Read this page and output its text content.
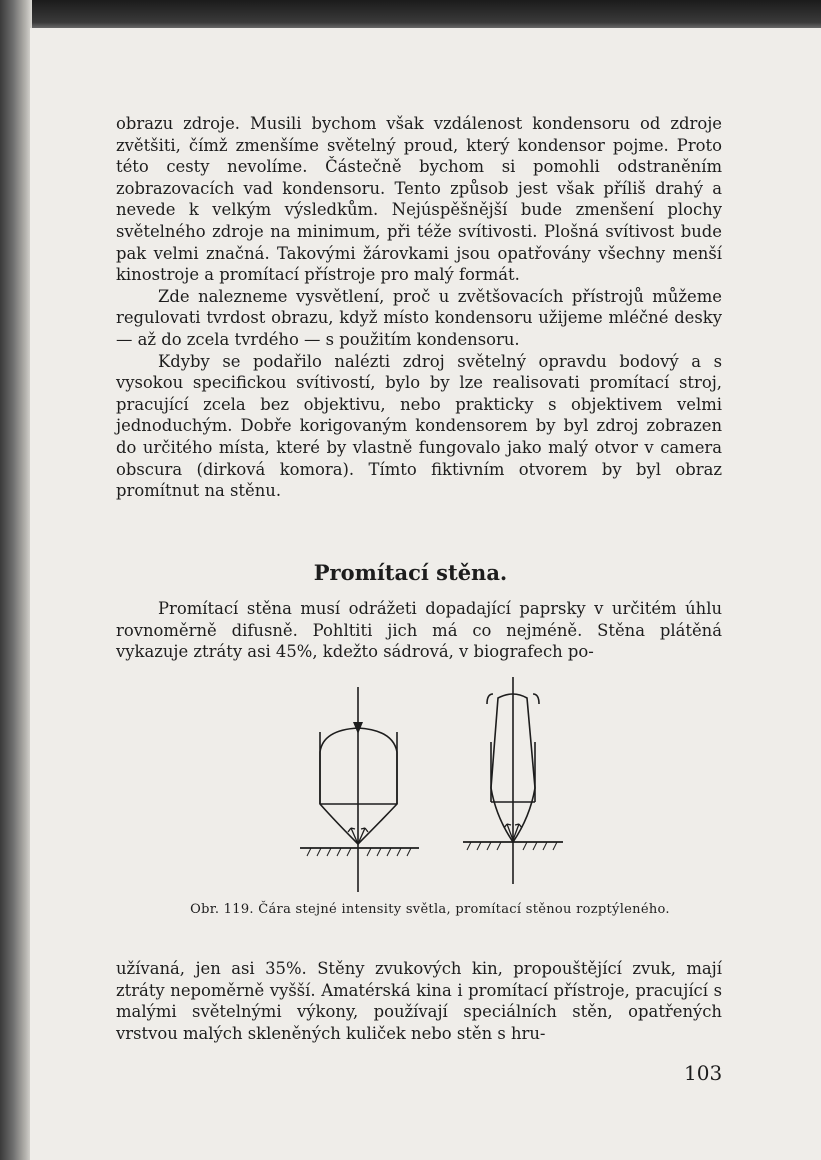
obrazu zdroje. Musili bychom však vzdálenost kondensoru od zdroje zvětšiti, čímž zmenšíme světelný proud, který kondensor pojme. Proto této cesty nevolíme. Částečně bychom si pomohli odstraněním zobrazovacích vad kondensoru. Tento způsob jest však příliš drahý a nevede k velkým výsledkům. Nejúspěšnější bude zmenšení plochy světelného zdroje na minimum, při téže svítivosti. Plošná svítivost bude pak velmi značná. Takovými žárovkami jsou opatřovány všechny menší kinostroje a promítací přístroje pro malý formát.

Zde nalezneme vysvětlení, proč u zvětšovacích přístrojů můžeme regulovati tvrdost obrazu, když místo kondensoru užijeme mléčné desky — až do zcela tvrdého — s použitím kondensoru.

Kdyby se podařilo nalézti zdroj světelný opravdu bodový a s vysokou specifickou svítivostí, bylo by lze realisovati promítací stroj, pracující zcela bez objektivu, nebo prakticky s objektivem velmi jednoduchým. Dobře korigovaným kondensorem by byl zdroj zobrazen do určitého místa, které by vlastně fungovalo jako malý otvor v camera obscura (dirková komora). Tímto fiktivním otvorem by byl obraz promítnut na stěnu.

Promítací stěna.

Promítací stěna musí odrážeti dopadající paprsky v určitém úhlu rovnoměrně difusně. Pohltiti jich má co nejméně. Stěna plátěná vykazuje ztráty asi 45%, kdežto sádrová, v biografech po-

Obr. 119. Čára stejné intensity světla, promítací stěnou rozptýleného.

užívaná, jen asi 35%. Stěny zvukových kin, propouštějící zvuk, mají ztráty nepoměrně vyšší. Amatérská kina i promítací přístroje, pracující s malými světelnými výkony, používají speciálních stěn, opatřených vrstvou malých skleněných kuliček nebo stěn s hru-

103
